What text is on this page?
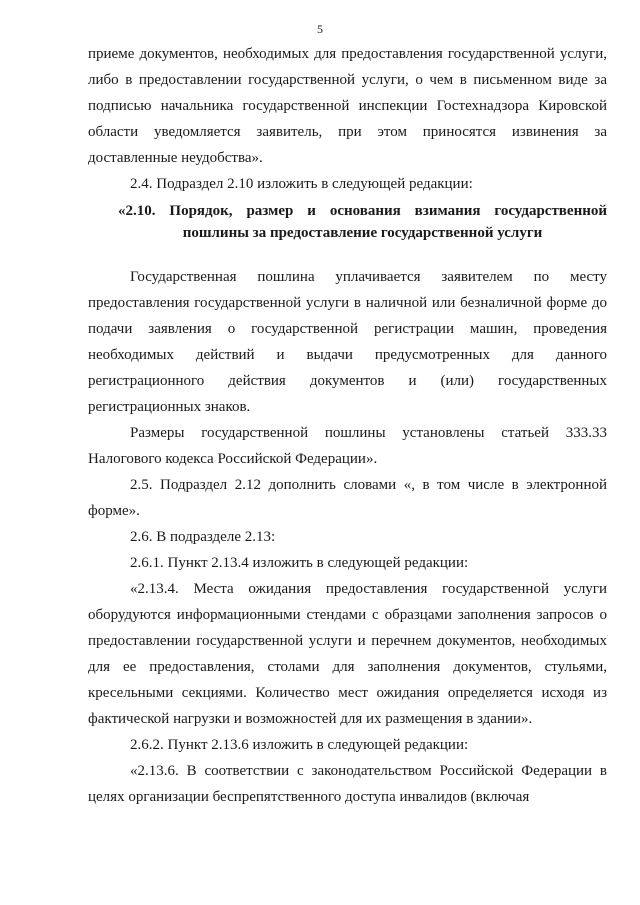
5

приеме документов, необходимых для предоставления государственной услуги, либо в предоставлении государственной услуги, о чем в письменном виде за подписью начальника государственной инспекции Гостехнадзора Кировской области уведомляется заявитель, при этом приносятся извинения за доставленные неудобства».

2.4. Подраздел 2.10 изложить в следующей редакции:

«2.10. Порядок, размер и основания взимания государственной
пошлины за предоставление государственной услуги

Государственная пошлина уплачивается заявителем по месту предоставления государственной услуги в наличной или безналичной форме до подачи заявления о государственной регистрации машин, проведения необходимых действий и выдачи предусмотренных для данного регистрационного действия документов и (или) государственных регистрационных знаков.

Размеры государственной пошлины установлены статьей 333.33 Налогового кодекса Российской Федерации».

2.5. Подраздел 2.12 дополнить словами «, в том числе в электронной форме».

2.6. В подразделе 2.13:

2.6.1. Пункт 2.13.4 изложить в следующей редакции:

«2.13.4. Места ожидания предоставления государственной услуги оборудуются информационными стендами с образцами заполнения запросов о предоставлении государственной услуги и перечнем документов, необходимых для ее предоставления, столами для заполнения документов, стульями, кресельными секциями. Количество мест ожидания определяется исходя из фактической нагрузки и возможностей для их размещения в здании».

2.6.2. Пункт 2.13.6 изложить в следующей редакции:

«2.13.6. В соответствии с законодательством Российской Федерации в целях организации беспрепятственного доступа инвалидов (включая
